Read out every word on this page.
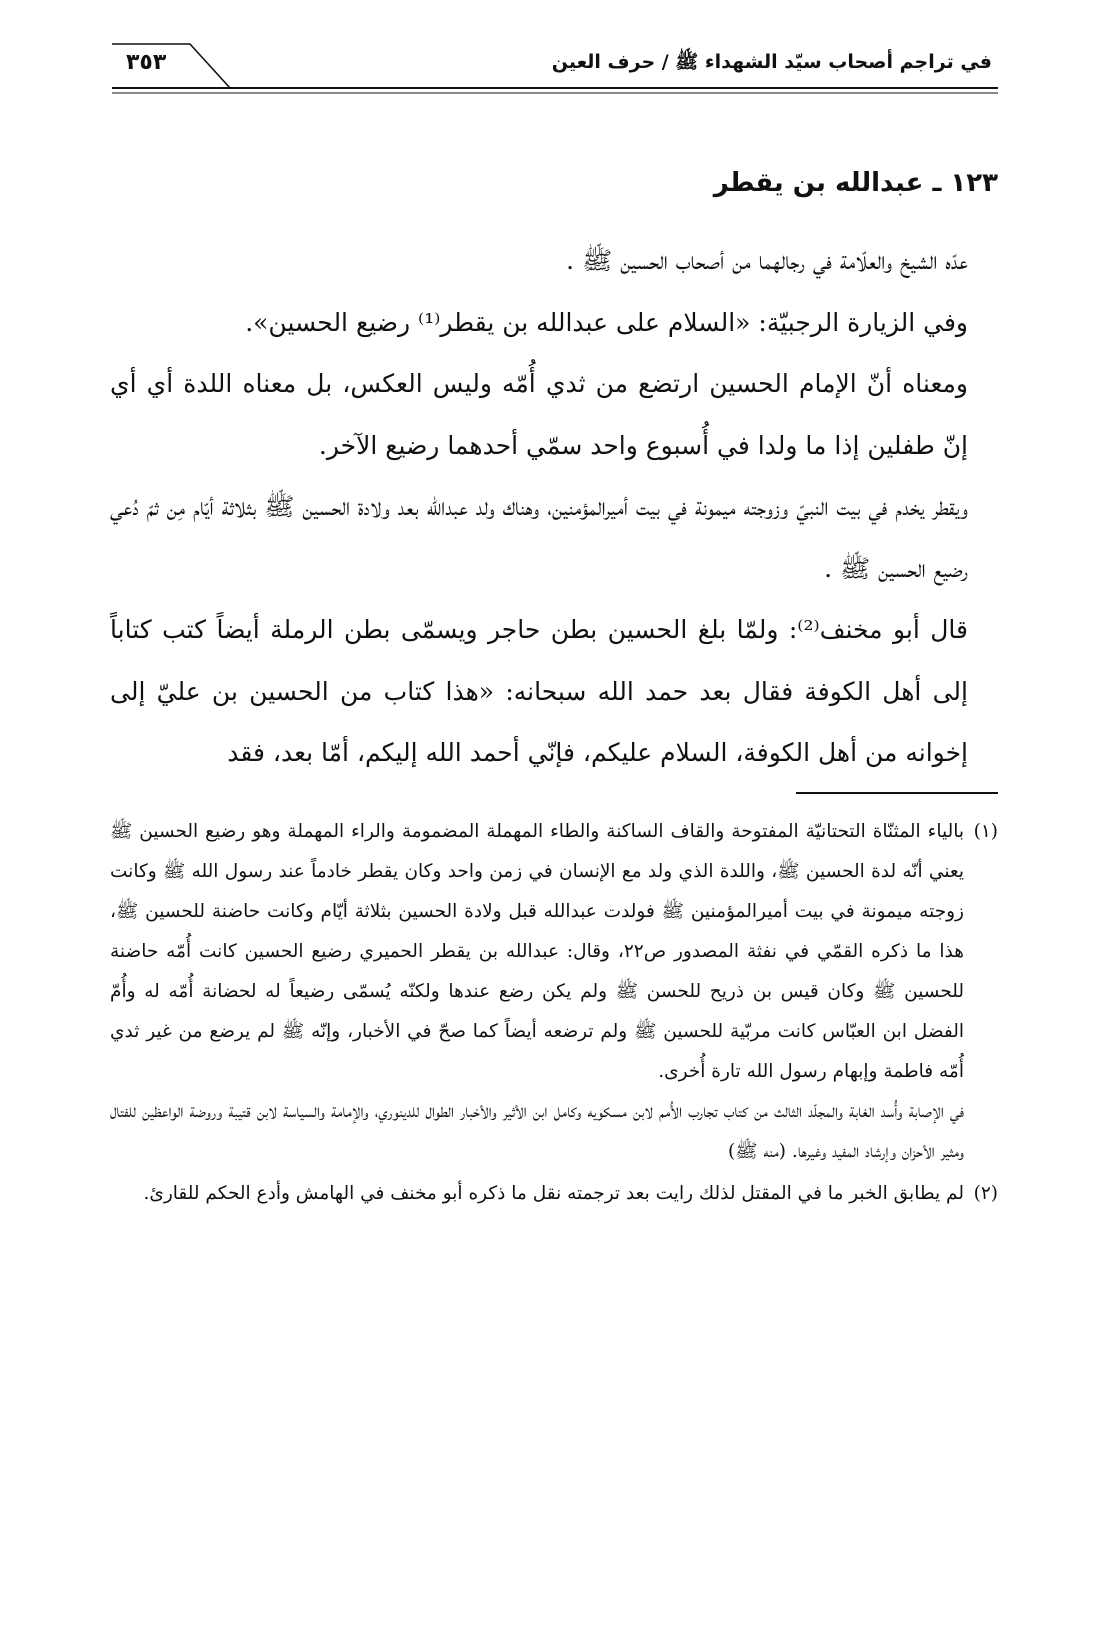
٣٥٣	في تراجم أصحاب سيّد الشهداء ﷺ / حرف العين
١٢٣ ـ عبدالله بن يقطر

عدّه الشيخ والعلّامة في رجالهما من أصحاب الحسين ﷺ .

وفي الزيارة الرجبيّة: «السلام على عبدالله بن يقطر⁽¹⁾ رضيع الحسين».

ومعناه أنّ الإمام الحسين ارتضع من ثدي أُمّه وليس العكس، بل معناه اللدة أي أي إنّ طفلين إذا ما ولدا في أُسبوع واحد سمّي أحدهما رضيع الآخر.

ويقطر يخدم في بيت النبيّ وزوجته ميمونة في بيت أميرالمؤمنين، وهناك ولد عبدالله بعد ولادة الحسين ﷺ بثلاثة أيّام مِن ثمّ دُعي رضيع الحسين ﷺ .

قال أبو مخنف⁽²⁾: ولمّا بلغ الحسين بطن حاجر ويسمّى بطن الرملة أيضاً كتب كتاباً إلى أهل الكوفة فقال بعد حمد الله سبحانه: «هذا كتاب من الحسين بن عليّ إلى إخوانه من أهل الكوفة، السلام عليكم، فإنّي أحمد الله إليكم، أمّا بعد، فقد

(١)

بالياء المثنّاة التحتانيّة المفتوحة والقاف الساكنة والطاء المهملة المضمومة والراء المهملة وهو رضيع الحسين ﷺ يعني أنّه لدة الحسين ﷺ، واللدة الذي ولد مع الإنسان في زمن واحد وكان يقطر خادماً عند رسول الله ﷺ وكانت زوجته ميمونة في بيت أميرالمؤمنين ﷺ فولدت عبدالله قبل ولادة الحسين بثلاثة أيّام وكانت حاضنة للحسين ﷺ، هذا ما ذكره القمّي في نفثة المصدور ص٢٢، وقال: عبدالله بن يقطر الحميري رضيع الحسين كانت أُمّه حاضنة للحسين ﷺ وكان قيس بن ذريح للحسن ﷺ ولم يكن رضع عندها ولكنّه يُسمّى رضيعاً له لحضانة أُمّه له وأُمّ الفضل ابن العبّاس كانت مربّية للحسين ﷺ ولم ترضعه أيضاً كما صحّ في الأخبار، وإنّه ﷺ لم يرضع من غير ثدي أُمّه فاطمة وإبهام رسول الله تارة أُخرى.

في الإصابة وأُسد الغابة والمجلّد الثالث من كتاب تجارب الأُمم لابن مسكويه وكامل ابن الأثير والأخبار الطوال للدينوري، والإمامة والسياسة لابن قتيبة وروضة الواعظين للفتال ومثير الأحزان وإرشاد المفيد وغيرها. (منه ﷺ)

(٢)

لم يطابق الخبر ما في المقتل لذلك رايت بعد ترجمته نقل ما ذكره أبو مخنف في الهامش وأدع الحكم للقارئ.
